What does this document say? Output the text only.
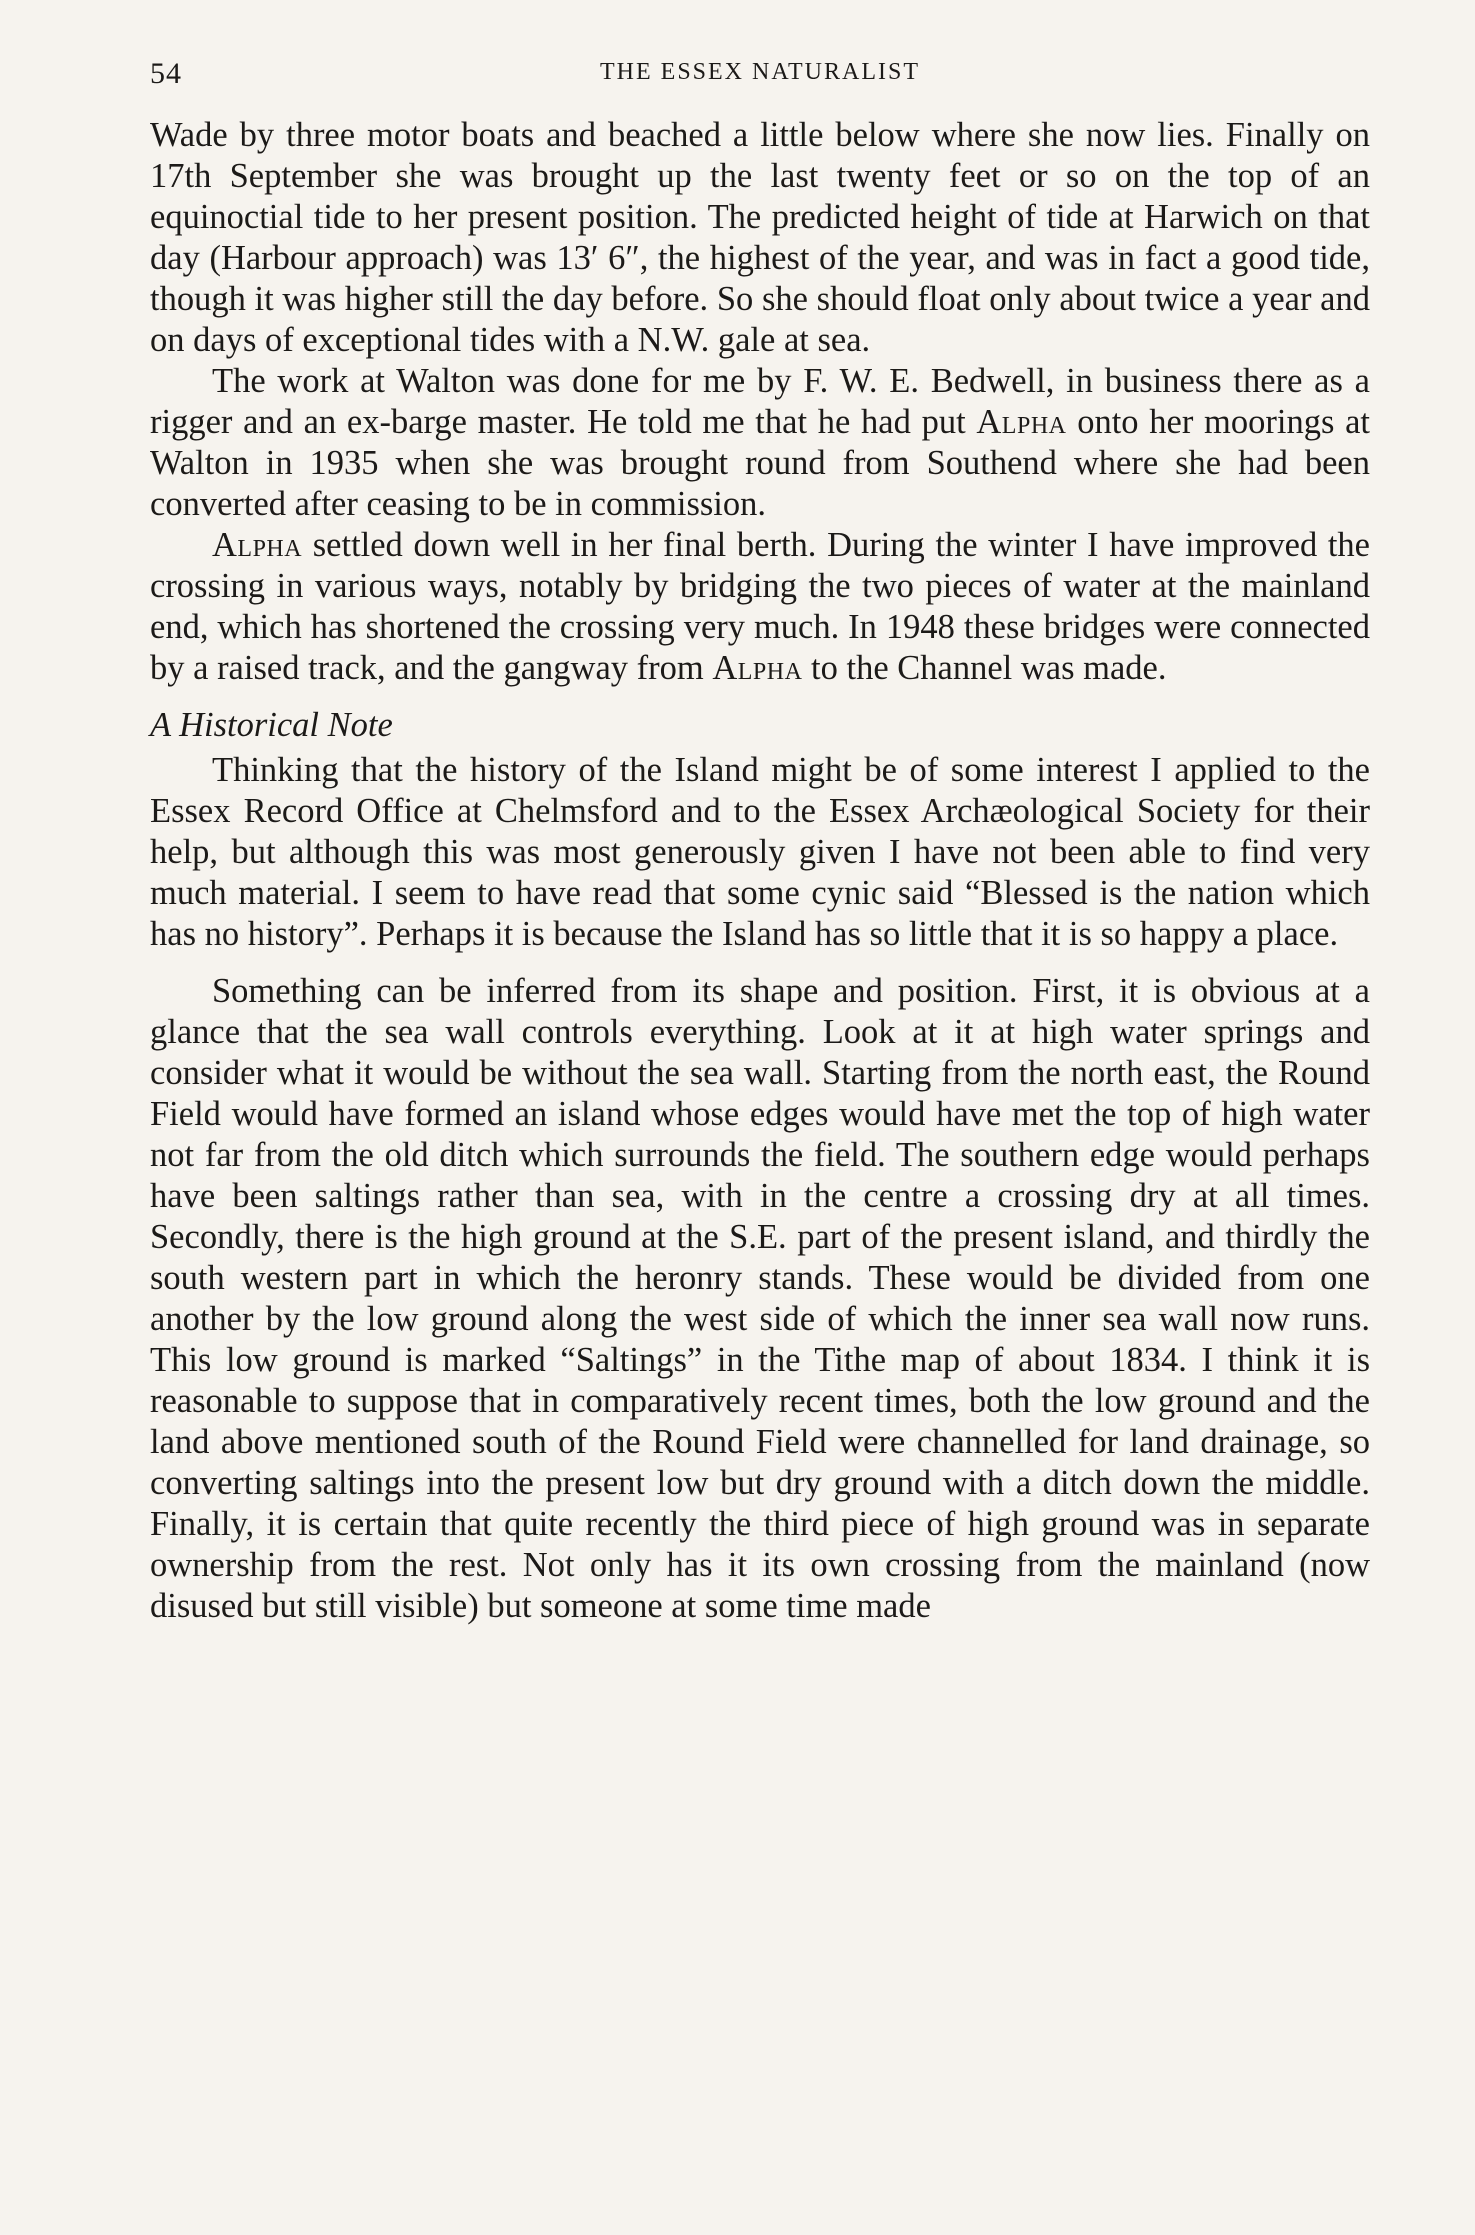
54	THE ESSEX NATURALIST

Wade by three motor boats and beached a little below where she now lies. Finally on 17th September she was brought up the last twenty feet or so on the top of an equinoctial tide to her present position. The predicted height of tide at Harwich on that day (Harbour approach) was 13′ 6″, the highest of the year, and was in fact a good tide, though it was higher still the day before. So she should float only about twice a year and on days of exceptional tides with a N.W. gale at sea.

The work at Walton was done for me by F. W. E. Bedwell, in business there as a rigger and an ex-barge master. He told me that he had put Alpha onto her moorings at Walton in 1935 when she was brought round from Southend where she had been converted after ceasing to be in commission.

Alpha settled down well in her final berth. During the winter I have improved the crossing in various ways, notably by bridging the two pieces of water at the mainland end, which has shortened the crossing very much. In 1948 these bridges were connected by a raised track, and the gangway from Alpha to the Channel was made.

A Historical Note

Thinking that the history of the Island might be of some interest I applied to the Essex Record Office at Chelmsford and to the Essex Archæological Society for their help, but although this was most generously given I have not been able to find very much material. I seem to have read that some cynic said “Blessed is the nation which has no history”. Perhaps it is because the Island has so little that it is so happy a place.

Something can be inferred from its shape and position. First, it is obvious at a glance that the sea wall controls everything. Look at it at high water springs and consider what it would be without the sea wall. Starting from the north east, the Round Field would have formed an island whose edges would have met the top of high water not far from the old ditch which surrounds the field. The southern edge would perhaps have been saltings rather than sea, with in the centre a crossing dry at all times. Secondly, there is the high ground at the S.E. part of the present island, and thirdly the south western part in which the heronry stands. These would be divided from one another by the low ground along the west side of which the inner sea wall now runs. This low ground is marked “Saltings” in the Tithe map of about 1834. I think it is reasonable to suppose that in comparatively recent times, both the low ground and the land above mentioned south of the Round Field were channelled for land drainage, so converting saltings into the present low but dry ground with a ditch down the middle. Finally, it is certain that quite recently the third piece of high ground was in separate ownership from the rest. Not only has it its own crossing from the mainland (now disused but still visible) but someone at some time made
